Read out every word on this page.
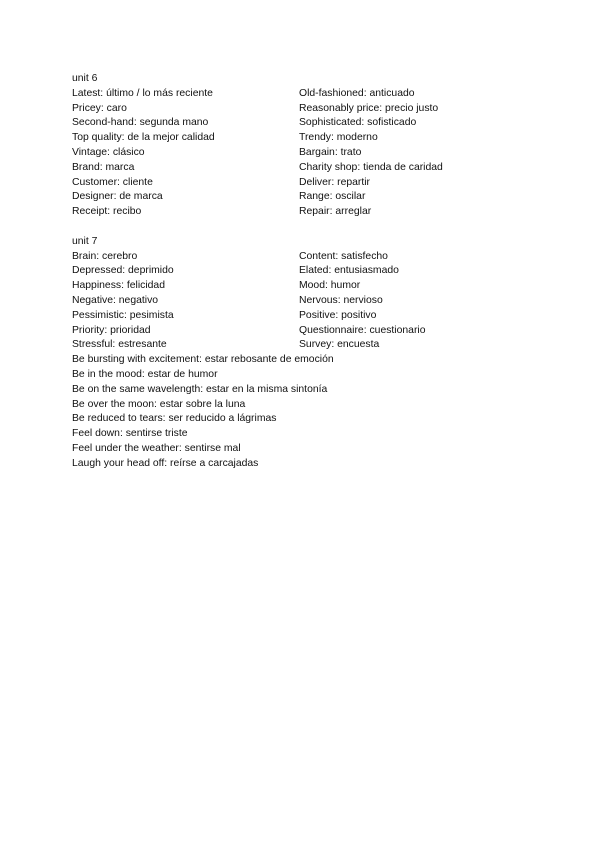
unit 6
Latest: último / lo más reciente	Old-fashioned: anticuado
Pricey: caro	Reasonably price: precio justo
Second-hand: segunda mano	Sophisticated: sofisticado
Top quality: de la mejor calidad	Trendy: moderno
Vintage: clásico	Bargain: trato
Brand: marca	Charity shop: tienda de caridad
Customer: cliente	Deliver: repartir
Designer: de marca	Range: oscilar
Receipt: recibo	Repair: arreglar
unit 7
Brain: cerebro	Content: satisfecho
Depressed: deprimido	Elated: entusiasmado
Happiness: felicidad	Mood: humor
Negative: negativo	Nervous: nervioso
Pessimistic: pesimista	Positive: positivo
Priority: prioridad	Questionnaire: cuestionario
Stressful: estresante	Survey: encuesta
Be bursting with excitement: estar rebosante de emoción
Be in the mood: estar de humor
Be on the same wavelength: estar en la misma sintonía
Be over the moon: estar sobre la luna
Be reduced to tears: ser reducido a lágrimas
Feel down: sentirse triste
Feel under the weather: sentirse mal
Laugh your head off: reírse a carcajadas
